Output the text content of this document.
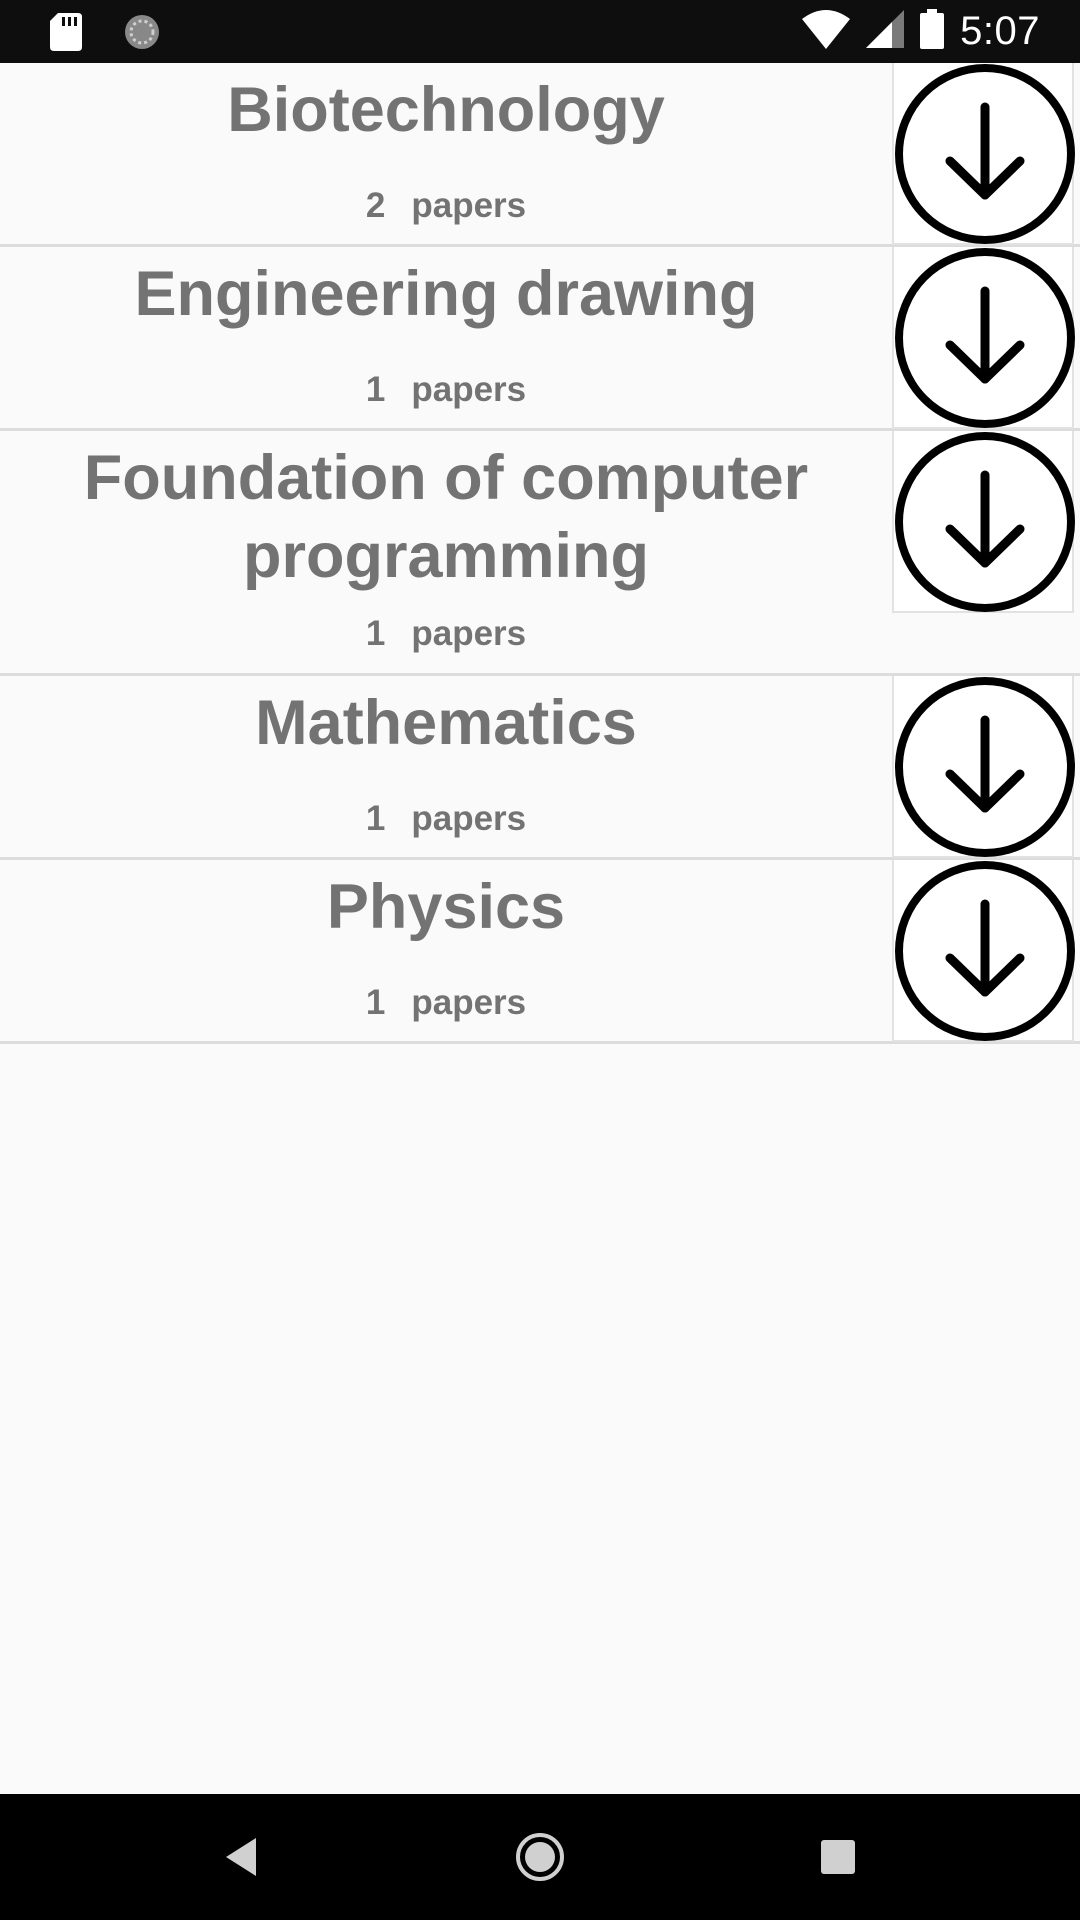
5:07
Biotechnology
2 papers
Engineering drawing
1 papers
Foundation of computer programming
1 papers
Mathematics
1 papers
Physics
1 papers
